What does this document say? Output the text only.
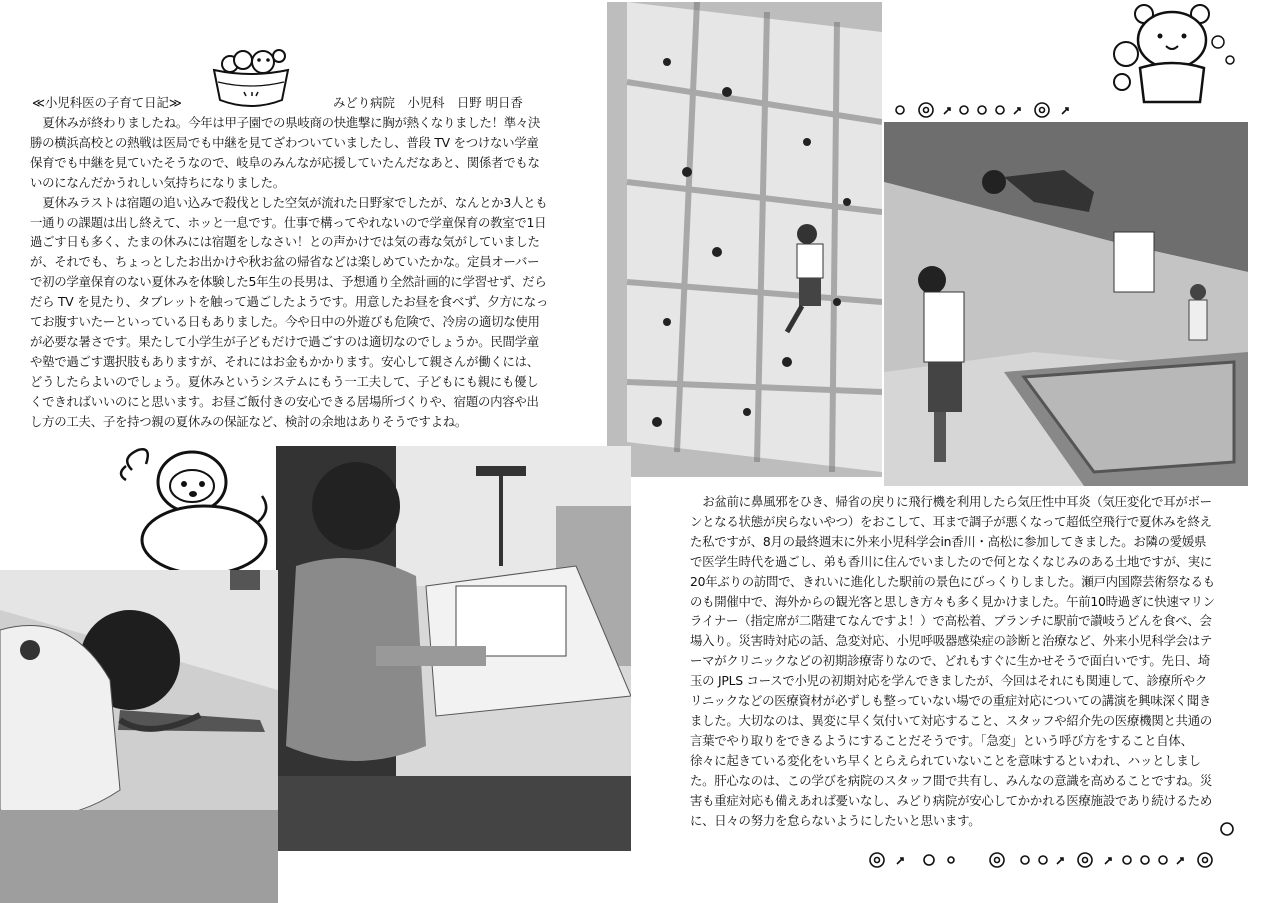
≪小児科医の子育て日記≫	みどり病院　小児科　日野 明日香

夏休みが終わりましたね。今年は甲子園での県岐商の快進撃に胸が熱くなりました！準々決勝の横浜高校との熱戦は医局でも中継を見てざわついていましたし、普段 TV をつけない学童保育でも中継を見ていたそうなので、岐阜のみんなが応援していたんだなあと、関係者でもないのになんだかうれしい気持ちになりました。

夏休みラストは宿題の追い込みで殺伐とした空気が流れた日野家でしたが、なんとか3人とも一通りの課題は出し終えて、ホッと一息です。仕事で構ってやれないので学童保育の教室で1日過ごす日も多く、たまの休みには宿題をしなさい！との声かけでは気の毒な気がしていましたが、それでも、ちょっとしたお出かけや秋お盆の帰省などは楽しめていたかな。定員オーバーで初の学童保育のない夏休みを体験した5年生の長男は、予想通り全然計画的に学習せず、だらだら TV を見たり、タブレットを触って過ごしたようです。用意したお昼を食べず、夕方になってお腹すいたーといっている日もありました。今や日中の外遊びも危険で、冷房の適切な使用が必要な暑さです。果たして小学生が子どもだけで過ごすのは適切なのでしょうか。民間学童や塾で過ごす選択肢もありますが、それにはお金もかかります。安心して親さんが働くには、どうしたらよいのでしょう。夏休みというシステムにもう一工夫して、子どもにも親にも優しくできればいいのにと思います。お昼ご飯付きの安心できる居場所づくりや、宿題の内容や出し方の工夫、子を持つ親の夏休みの保証など、検討の余地はありそうですよね。

お盆前に鼻風邪をひき、帰省の戻りに飛行機を利用したら気圧性中耳炎（気圧変化で耳がボーンとなる状態が戻らないやつ）をおこして、耳まで調子が悪くなって超低空飛行で夏休みを終えた私ですが、8月の最終週末に外来小児科学会in香川・高松に参加してきました。お隣の愛媛県で医学生時代を過ごし、弟も香川に住んでいましたので何となくなじみのある土地ですが、実に20年ぶりの訪問で、きれいに進化した駅前の景色にびっくりしました。瀬戸内国際芸術祭なるものも開催中で、海外からの観光客と思しき方々も多く見かけました。午前10時過ぎに快速マリンライナー（指定席が二階建てなんですよ！）で高松着、ブランチに駅前で讃岐うどんを食べ、会場入り。災害時対応の話、急変対応、小児呼吸器感染症の診断と治療など、外来小児科学会はテーマがクリニックなどの初期診療寄りなので、どれもすぐに生かせそうで面白いです。先日、埼玉の JPLS コースで小児の初期対応を学んできましたが、今回はそれにも関連して、診療所やクリニックなどの医療資材が必ずしも整っていない場での重症対応についての講演を興味深く聞きました。大切なのは、異変に早く気付いて対応すること、スタッフや紹介先の医療機関と共通の言葉でやり取りをできるようにすることだそうです。「急変」という呼び方をすること自体、徐々に起きている変化をいち早くとらえられていないことを意味するといわれ、ハッとしました。肝心なのは、この学びを病院のスタッフ間で共有し、みんなの意識を高めることですね。災害も重症対応も備えあれば憂いなし、みどり病院が安心してかかれる医療施設であり続けるために、日々の努力を怠らないようにしたいと思います。
